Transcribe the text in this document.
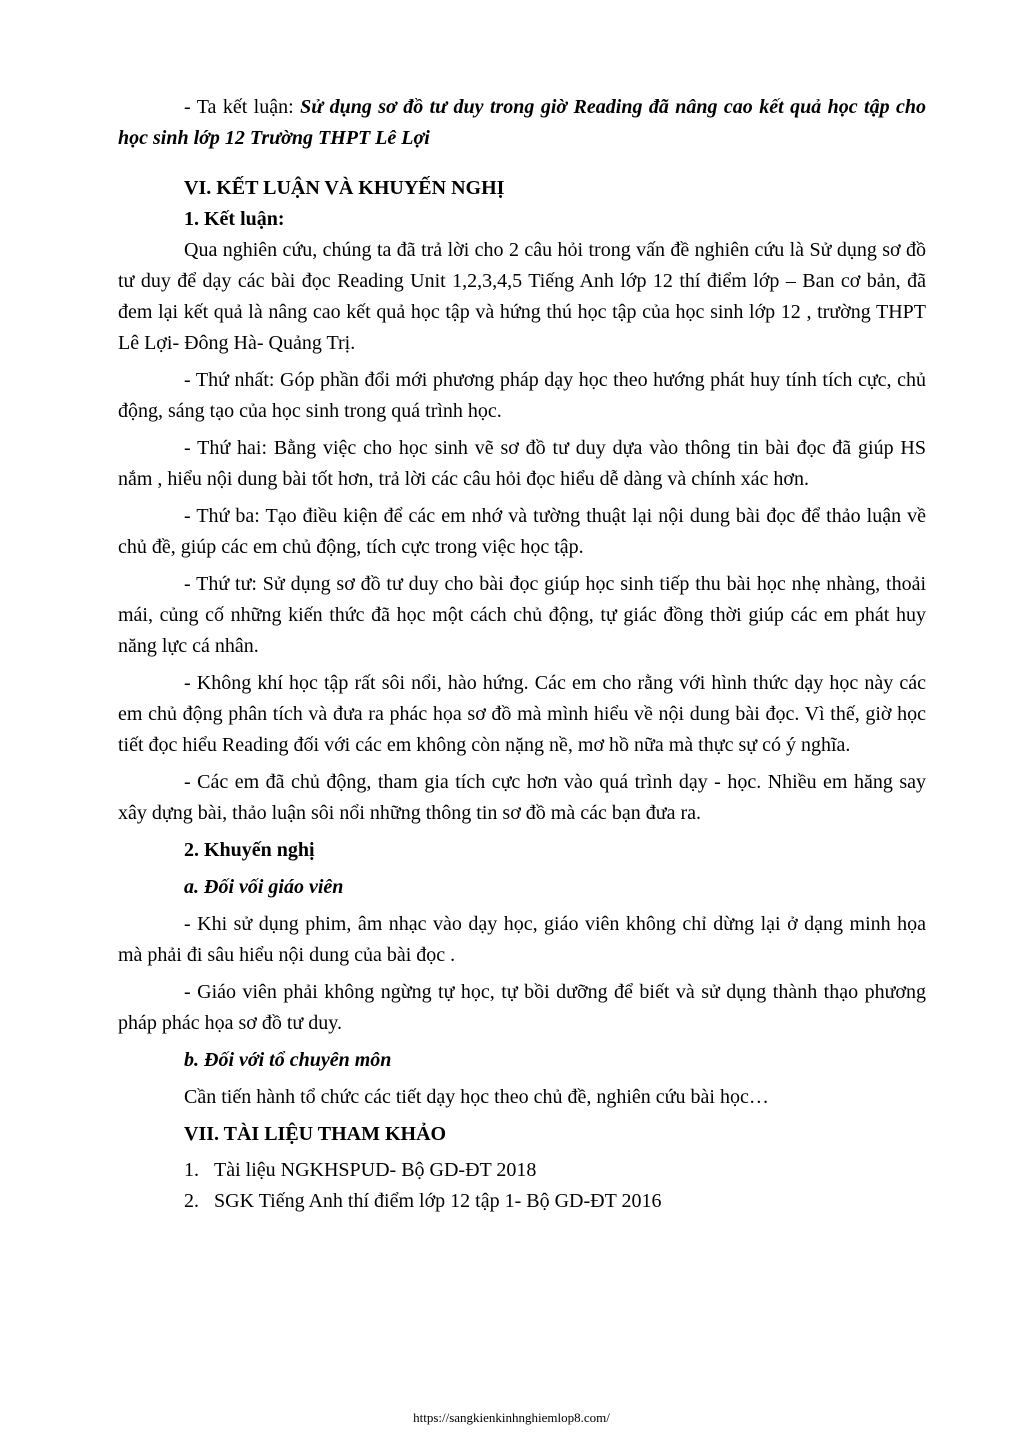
- Ta kết luận: Sử dụng sơ đồ tư duy trong giờ Reading đã nâng cao kết quả học tập cho học sinh lớp 12 Trường THPT Lê Lợi

VI. KẾT LUẬN VÀ KHUYẾN NGHỊ

1. Kết luận:

Qua nghiên cứu, chúng ta đã trả lời cho 2 câu hỏi trong vấn đề nghiên cứu là Sử dụng sơ đồ tư duy để dạy các bài đọc Reading Unit 1,2,3,4,5 Tiếng Anh lớp 12 thí điểm lớp – Ban cơ bản, đã đem lại kết quả là nâng cao kết quả học tập và hứng thú học tập của học sinh lớp 12 , trường THPT Lê Lợi- Đông Hà- Quảng Trị.

- Thứ nhất: Góp phần đổi mới phương pháp dạy học theo hướng phát huy tính tích cực, chủ động, sáng tạo của học sinh trong quá trình học.

- Thứ hai: Bằng việc cho học sinh vẽ sơ đồ tư duy dựa vào thông tin bài đọc đã giúp HS nắm , hiểu nội dung bài tốt hơn, trả lời các câu hỏi đọc hiểu dễ dàng và chính xác hơn.

- Thứ ba: Tạo điều kiện để các em nhớ và tường thuật lại nội dung bài đọc để thảo luận về chủ đề, giúp các em chủ động, tích cực trong việc học tập.

- Thứ tư: Sử dụng sơ đồ tư duy cho bài đọc giúp học sinh tiếp thu bài học nhẹ nhàng, thoải mái, củng cố những kiến thức đã học một cách chủ động, tự giác đồng thời giúp các em phát huy năng lực cá nhân.

- Không khí học tập rất sôi nổi, hào hứng. Các em cho rằng với hình thức dạy học này các em chủ động phân tích và đưa ra phác họa sơ đồ mà mình hiểu về nội dung bài đọc. Vì thế, giờ học tiết đọc hiểu Reading đối với các em không còn nặng nề, mơ hồ nữa mà thực sự có ý nghĩa.

- Các em đã chủ động, tham gia tích cực hơn vào quá trình dạy - học. Nhiều em hăng say xây dựng bài, thảo luận sôi nổi những thông tin sơ đồ mà các bạn đưa ra.

2. Khuyến nghị

a. Đối vối giáo viên

- Khi sử dụng phim, âm nhạc vào dạy học, giáo viên không chỉ dừng lại ở dạng minh họa mà phải đi sâu hiểu nội dung của bài đọc .

- Giáo viên phải không ngừng tự học, tự bồi dưỡng để biết và sử dụng thành thạo phương pháp phác họa sơ đồ tư duy.

b. Đối với tổ chuyên môn

Cần tiến hành tổ chức các tiết dạy học theo chủ đề, nghiên cứu bài học…

VII. TÀI LIỆU THAM KHẢO

1. Tài liệu NGKHSPUD- Bộ GD-ĐT 2018
2. SGK Tiếng Anh thí điểm lớp 12 tập 1- Bộ GD-ĐT 2016
https://sangkienkinhnghiemlop8.com/
